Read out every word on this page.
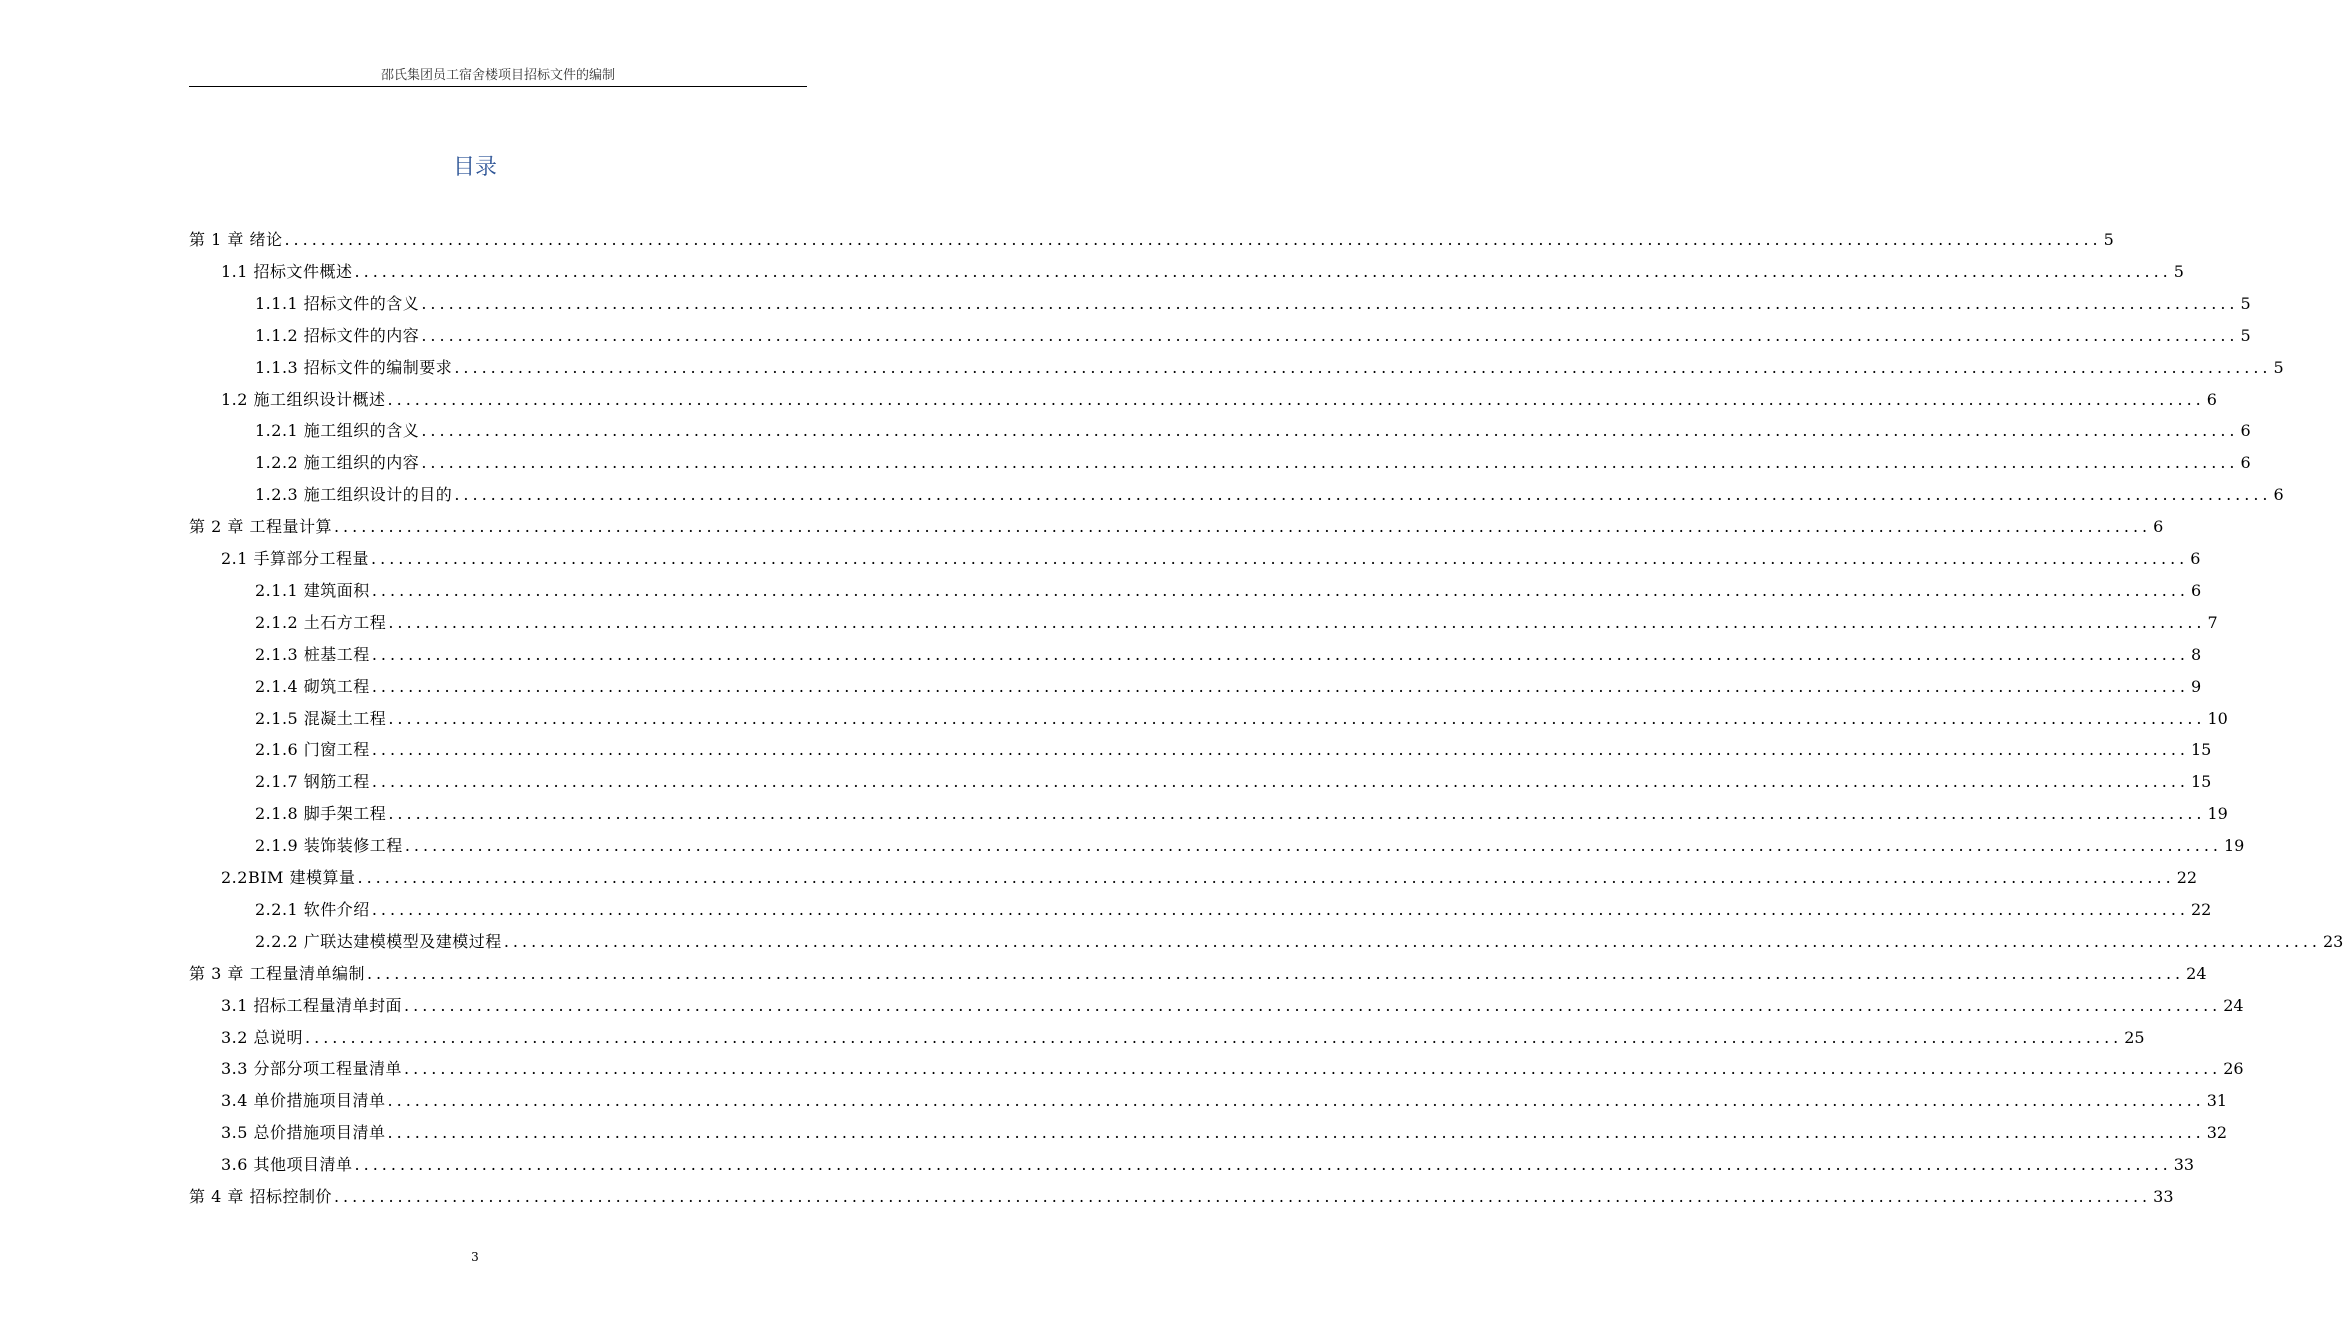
邵氏集团员工宿舍楼项目招标文件的编制
目录
第 1 章 绪论 ........................................................................................................................................................................................................ 5
1.1 招标文件概述 ........................................................................................................................................................................................................ 5
1.1.1 招标文件的含义 ........................................................................................................................................................................................................ 5
1.1.2 招标文件的内容 ........................................................................................................................................................................................................ 5
1.1.3 招标文件的编制要求 ........................................................................................................................................................................................................ 5
1.2 施工组织设计概述 ........................................................................................................................................................................................................ 6
1.2.1 施工组织的含义 ........................................................................................................................................................................................................ 6
1.2.2 施工组织的内容 ........................................................................................................................................................................................................ 6
1.2.3 施工组织设计的目的 ........................................................................................................................................................................................................ 6
第 2 章 工程量计算 ........................................................................................................................................................................................................ 6
2.1 手算部分工程量 ........................................................................................................................................................................................................ 6
2.1.1 建筑面积 ........................................................................................................................................................................................................ 6
2.1.2 土石方工程 ........................................................................................................................................................................................................ 7
2.1.3 桩基工程 ........................................................................................................................................................................................................ 8
2.1.4 砌筑工程 ........................................................................................................................................................................................................ 9
2.1.5 混凝土工程 ........................................................................................................................................................................................................ 10
2.1.6 门窗工程 ........................................................................................................................................................................................................ 15
2.1.7 钢筋工程 ........................................................................................................................................................................................................ 15
2.1.8 脚手架工程 ........................................................................................................................................................................................................ 19
2.1.9 装饰装修工程 ........................................................................................................................................................................................................ 19
2.2BIM 建模算量 ........................................................................................................................................................................................................ 22
2.2.1 软件介绍 ........................................................................................................................................................................................................ 22
2.2.2 广联达建模模型及建模过程 ........................................................................................................................................................................................................ 23
第 3 章 工程量清单编制 ........................................................................................................................................................................................................ 24
3.1 招标工程量清单封面 ........................................................................................................................................................................................................ 24
3.2 总说明 ........................................................................................................................................................................................................ 25
3.3 分部分项工程量清单 ........................................................................................................................................................................................................ 26
3.4 单价措施项目清单 ........................................................................................................................................................................................................ 31
3.5 总价措施项目清单 ........................................................................................................................................................................................................ 32
3.6 其他项目清单 ........................................................................................................................................................................................................ 33
第 4 章 招标控制价 ........................................................................................................................................................................................................ 33
3
